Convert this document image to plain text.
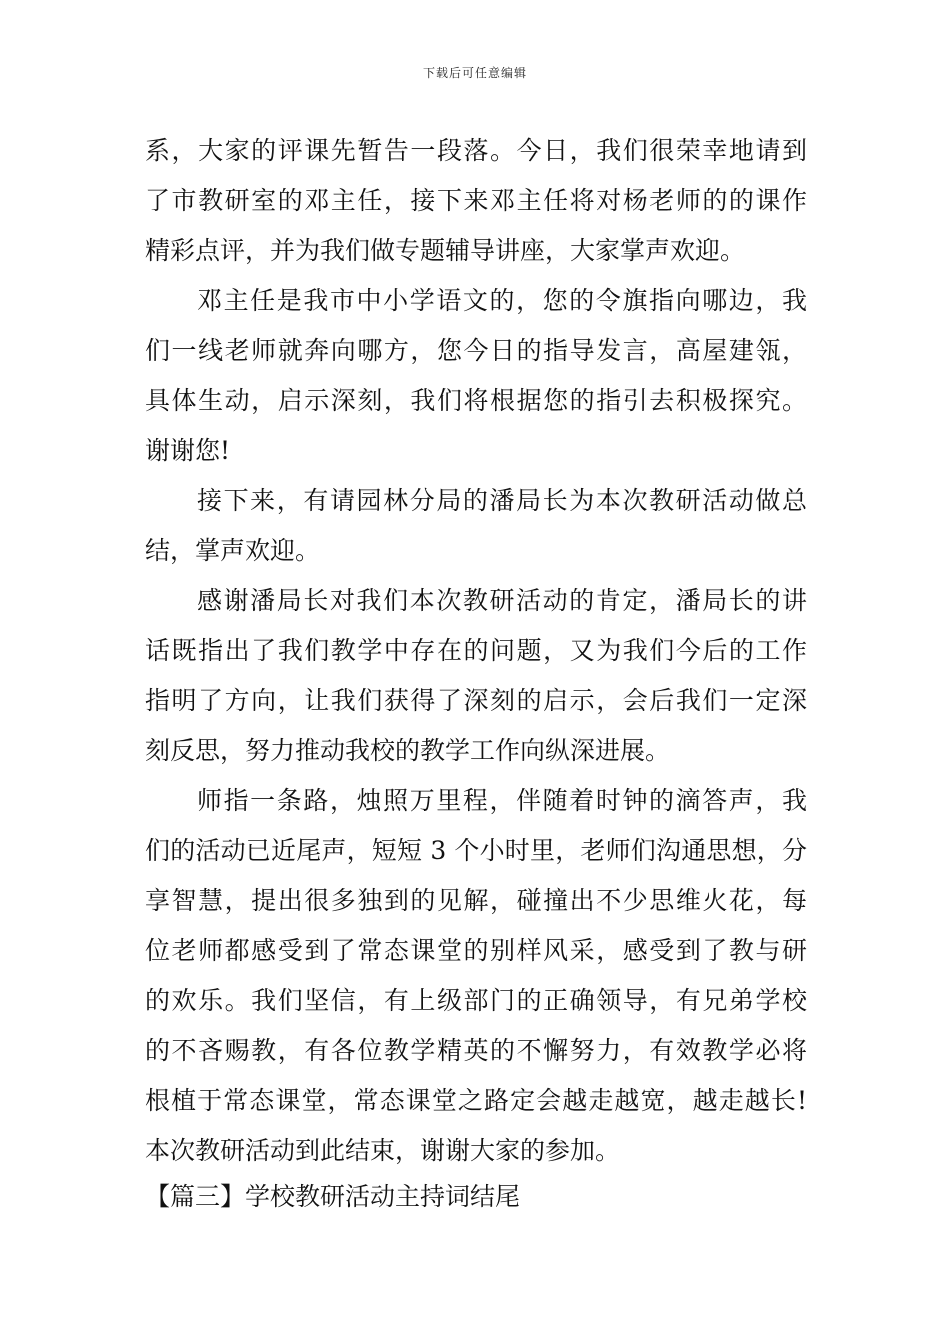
下载后可任意编辑
系，大家的评课先暂告一段落。今日，我们很荣幸地请到
了市教研室的邓主任，接下来邓主任将对杨老师的的课作
精彩点评，并为我们做专题辅导讲座，大家掌声欢迎。
邓主任是我市中小学语文的，您的令旗指向哪边，我
们一线老师就奔向哪方，您今日的指导发言，高屋建瓴，
具体生动，启示深刻，我们将根据您的指引去积极探究。
谢谢您!
接下来，有请园林分局的潘局长为本次教研活动做总
结，掌声欢迎。
感谢潘局长对我们本次教研活动的肯定，潘局长的讲
话既指出了我们教学中存在的问题，又为我们今后的工作
指明了方向，让我们获得了深刻的启示，会后我们一定深
刻反思，努力推动我校的教学工作向纵深进展。
师指一条路，烛照万里程，伴随着时钟的滴答声，我
们的活动已近尾声，短短 3 个小时里，老师们沟通思想，分
享智慧，提出很多独到的见解，碰撞出不少思维火花，每
位老师都感受到了常态课堂的别样风采，感受到了教与研
的欢乐。我们坚信，有上级部门的正确领导，有兄弟学校
的不吝赐教，有各位教学精英的不懈努力，有效教学必将
根植于常态课堂，常态课堂之路定会越走越宽，越走越长!
本次教研活动到此结束，谢谢大家的参加。
【篇三】学校教研活动主持词结尾
